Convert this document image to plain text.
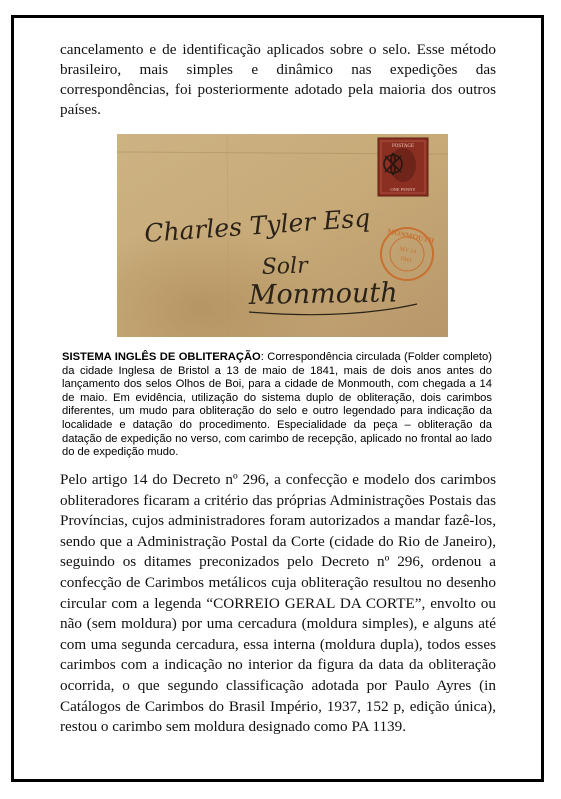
cancelamento e de identificação aplicados sobre o selo. Esse método brasileiro, mais simples e dinâmico nas expedições das correspondências, foi posteriormente adotado pela maioria dos outros países.

POSTAGE
ONE PENNY
MONMOUTH
MY 14
1841
Charles Tyler Esq
Solr
Monmouth

SISTEMA INGLÊS DE OBLITERAÇÃO: Correspondência circulada (Folder completo) da cidade Inglesa de Bristol a 13 de maio de 1841, mais de dois anos antes do lançamento dos selos Olhos de Boi, para a cidade de Monmouth, com chegada a 14 de maio. Em evidência, utilização do sistema duplo de obliteração, dois carimbos diferentes, um mudo para obliteração do selo e outro legendado para indicação da localidade e datação do procedimento. Especialidade da peça – obliteração da datação de expedição no verso, com carimbo de recepção, aplicado no frontal ao lado do de expedição mudo.

Pelo artigo 14 do Decreto nº 296, a confecção e modelo dos carimbos obliteradores ficaram a critério das próprias Administrações Postais das Províncias, cujos administradores foram autorizados a mandar fazê-los, sendo que a Administração Postal da Corte (cidade do Rio de Janeiro), seguindo os ditames preconizados pelo Decreto nº 296, ordenou a confecção de Carimbos metálicos cuja obliteração resultou no desenho circular com a legenda “CORREIO GERAL DA CORTE”, envolto ou não (sem moldura) por uma cercadura (moldura simples), e alguns até com uma segunda cercadura, essa interna (moldura dupla), todos esses carimbos com a indicação no interior da figura da data da obliteração ocorrida, o que segundo classificação adotada por Paulo Ayres (in Catálogos de Carimbos do Brasil Império, 1937, 152 p, edição única), restou o carimbo sem moldura designado como PA 1139.
